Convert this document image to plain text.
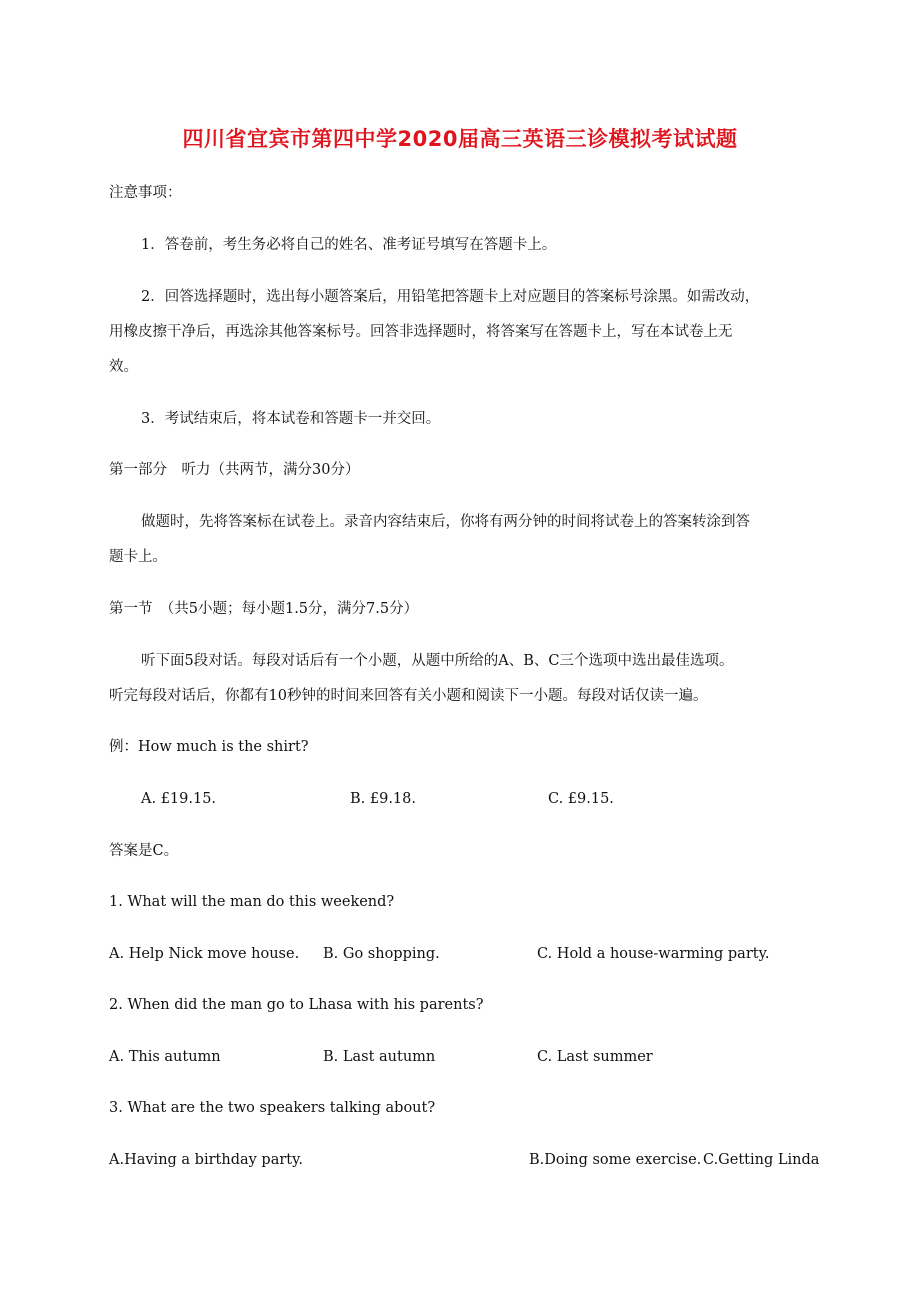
四川省宜宾市第四中学2020届高三英语三诊模拟考试试题
注意事项：
1．答卷前，考生务必将自己的姓名、准考证号填写在答题卡上。
2．回答选择题时，选出每小题答案后，用铅笔把答题卡上对应题目的答案标号涂黑。如需改动，
用橡皮擦干净后，再选涂其他答案标号。回答非选择题时，将答案写在答题卡上，写在本试卷上无
效。
3．考试结束后，将本试卷和答题卡一并交回。
第一部分　听力（共两节，满分30分）
做题时，先将答案标在试卷上。录音内容结束后，你将有两分钟的时间将试卷上的答案转涂到答
题卡上。
第一节　（共5小题；每小题1.5分，满分7.5分）
听下面5段对话。每段对话后有一个小题，从题中所给的A、B、C三个选项中选出最佳选项。
听完每段对话后，你都有10秒钟的时间来回答有关小题和阅读下一小题。每段对话仅读一遍。
例：How much is the shirt?
A. £19.15.	B. £9.18.	C. £9.15.
答案是C。
1. What will the man do this weekend?
A. Help Nick move house. B. Go shopping.	C. Hold a house-warming party.
2. When did the man go to Lhasa with his parents?
A. This autumn	B. Last autumn	C. Last summer
3. What are the two speakers talking about?
A.Having a birthday party.	B.Doing some exercise. C.Getting Linda
